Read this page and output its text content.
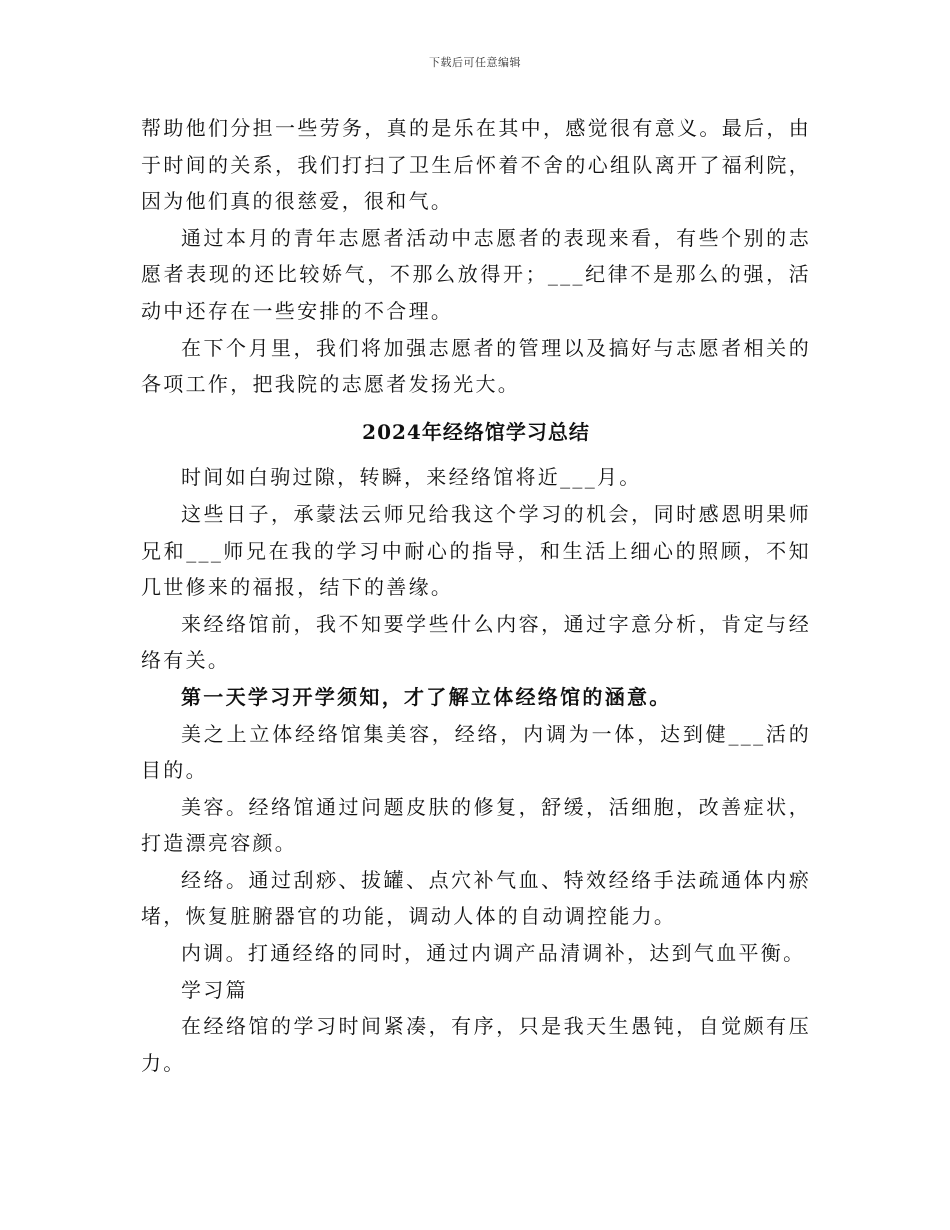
下载后可任意编辑

帮助他们分担一些劳务，真的是乐在其中，感觉很有意义。最后，由于时间的关系，我们打扫了卫生后怀着不舍的心组队离开了福利院，因为他们真的很慈爱，很和气。

通过本月的青年志愿者活动中志愿者的表现来看，有些个别的志愿者表现的还比较娇气，不那么放得开；___纪律不是那么的强，活动中还存在一些安排的不合理。

在下个月里，我们将加强志愿者的管理以及搞好与志愿者相关的各项工作，把我院的志愿者发扬光大。

2024年经络馆学习总结

时间如白驹过隙，转瞬，来经络馆将近___月。

这些日子，承蒙法云师兄给我这个学习的机会，同时感恩明果师兄和___师兄在我的学习中耐心的指导，和生活上细心的照顾，不知几世修来的福报，结下的善缘。

来经络馆前，我不知要学些什么内容，通过字意分析，肯定与经络有关。

第一天学习开学须知，才了解立体经络馆的涵意。

美之上立体经络馆集美容，经络，内调为一体，达到健___活的目的。

美容。经络馆通过问题皮肤的修复，舒缓，活细胞，改善症状，打造漂亮容颜。

经络。通过刮痧、拔罐、点穴补气血、特效经络手法疏通体内瘀堵，恢复脏腑器官的功能，调动人体的自动调控能力。

内调。打通经络的同时，通过内调产品清调补，达到气血平衡。

学习篇

在经络馆的学习时间紧凑，有序，只是我天生愚钝，自觉颇有压力。
